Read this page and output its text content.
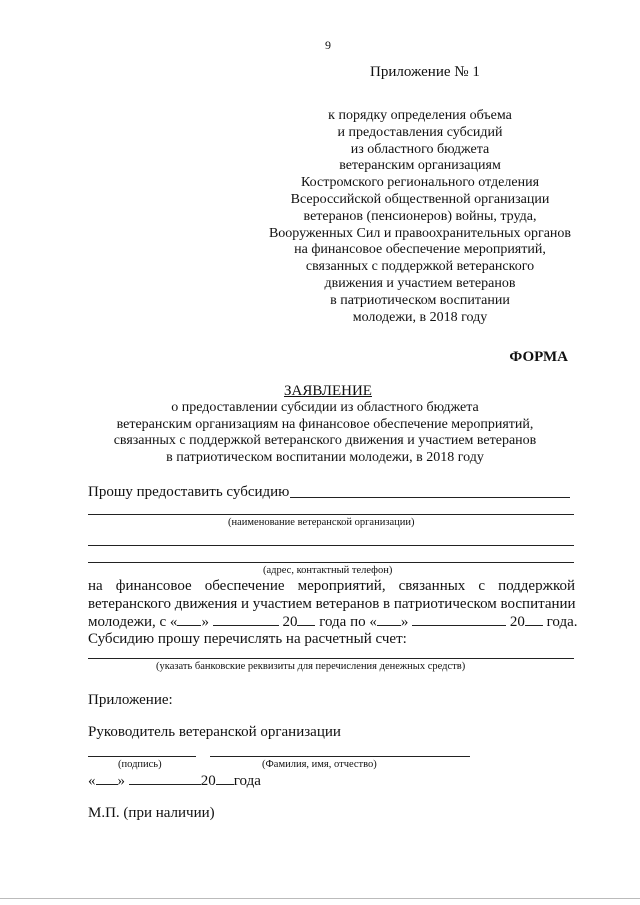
9
Приложение № 1
к порядку определения объема
и предоставления субсидий
из областного бюджета
ветеранским организациям
Костромского регионального отделения
Всероссийской общественной организации
ветеранов (пенсионеров) войны, труда,
Вооруженных Сил и правоохранительных органов
на финансовое обеспечение мероприятий,
связанных с поддержкой ветеранского
движения и участием ветеранов
в патриотическом воспитании
молодежи, в 2018 году
ФОРМА
ЗАЯВЛЕНИЕ
о предоставлении субсидии из областного бюджета
ветеранским организациям на финансовое обеспечение мероприятий,
связанных с поддержкой ветеранского движения и участием ветеранов
в патриотическом воспитании молодежи, в 2018 году
Прошу предоставить субсидию
(наименование ветеранской организации)
(адрес, контактный телефон)
на финансовое обеспечение мероприятий, связанных с поддержкой
ветеранского движения и участием ветеранов в патриотическом воспитании
молодежи, с « »	20 года по « »	20 года.
Субсидию прошу перечислять на расчетный счет:
(указать банковские реквизиты для перечисления денежных средств)
Приложение:
Руководитель ветеранской организации
(подпись)	(Фамилия, имя, отчество)
« »	20 года
М.П. (при наличии)
